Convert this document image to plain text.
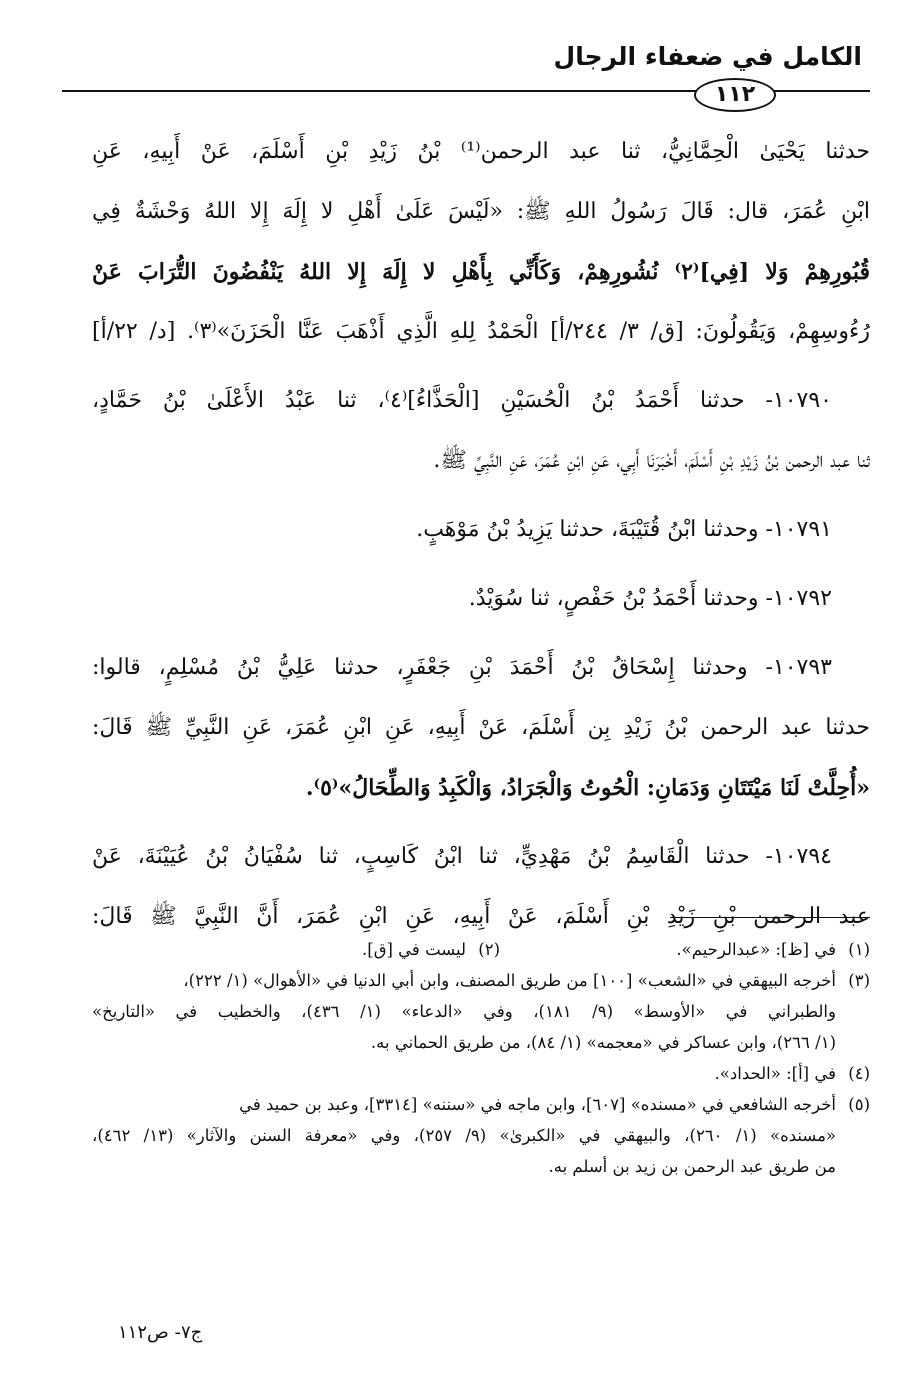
الكامل في ضعفاء الرجال
١١٢
حدثنا يَحْيَىٰ الْحِمَّانِيُّ، ثنا عبد الرحمن⁽¹⁾ بْنُ زَيْدِ بْنِ أَسْلَمَ، عَنْ أَبِيهِ، عَنِ
ابْنِ عُمَرَ، قال: قَالَ رَسُولُ اللهِ ﷺ: «لَيْسَ عَلَىٰ أَهْلِ لا إِلَهَ إِلا اللهُ وَحْشَةٌ فِي
قُبُورِهِمْ وَلا [فِي]⁽٢⁾ نُشُورِهِمْ، وَكَأَنِّي بِأَهْلِ لا إِلَهَ إِلا اللهُ يَنْفُضُونَ التُّرَابَ عَنْ
رُءُوسِهِمْ، وَيَقُولُونَ: [ق/ ٣/ ٢٤٤/أ] الْحَمْدُ لِلهِ الَّذِي أَذْهَبَ عَنَّا الْحَزَنَ»⁽٣⁾. [د/ ٢٢/أ]
١٠٧٩٠- حدثنا أَحْمَدُ بْنُ الْحُسَيْنِ [الْحَذَّاءُ]⁽٤⁾، ثنا عَبْدُ الأَعْلَىٰ بْنُ حَمَّادٍ،
ثنا عبد الرحمن بْنُ زَيْدِ بْنِ أَسْلَمَ، أَخْبَرَنَا أَبِي، عَنِ ابْنِ عُمَرَ، عَنِ النَّبِيِّ ﷺ.
١٠٧٩١- وحدثنا ابْنُ قُتَيْبَةَ، حدثنا يَزِيدُ بْنُ مَوْهَبٍ.
١٠٧٩٢- وحدثنا أَحْمَدُ بْنُ حَفْصٍ، ثنا سُوَيْدٌ.
١٠٧٩٣- وحدثنا إِسْحَاقُ بْنُ أَحْمَدَ بْنِ جَعْفَرٍ، حدثنا عَلِيُّ بْنُ مُسْلِمٍ، قالوا:
حدثنا عبد الرحمن بْنُ زَيْدِ بِن أَسْلَمَ، عَنْ أَبِيهِ، عَنِ ابْنِ عُمَرَ، عَنِ النَّبِيِّ ﷺ قَالَ:
«أُحِلَّتْ لَنَا مَيْتَتَانِ وَدَمَانِ: الْحُوتُ وَالْجَرَادُ، وَالْكَبِدُ وَالطِّحَالُ»⁽٥⁾.
١٠٧٩٤- حدثنا الْقَاسِمُ بْنُ مَهْدِيٍّ، ثنا ابْنُ كَاسِبٍ، ثنا سُفْيَانُ بْنُ عُيَيْنَةَ، عَنْ
عبد الرحمن بْنِ زَيْدِ بْنِ أَسْلَمَ، عَنْ أَبِيهِ، عَنِ ابْنِ عُمَرَ، أَنَّ النَّبِيَّ ﷺ قَالَ:
(١)في [ظ]: «عبدالرحيم».
(٢)ليست في [ق].
(٣)أخرجه البيهقي في «الشعب» [١٠٠] من طريق المصنف، وابن أبي الدنيا في «الأهوال» (١/ ٢٢٢)،
والطبراني في «الأوسط» (٩/ ١٨١)، وفي «الدعاء» (١/ ٤٣٦)، والخطيب في «التاريخ»
(١/ ٢٦٦)، وابن عساكر في «معجمه» (١/ ٨٤)، من طريق الحماني به.
(٤)في [أ]: «الحداد».
(٥)أخرجه الشافعي في «مسنده» [٦٠٧]، وابن ماجه في «سننه» [٣٣١٤]، وعبد بن حميد في
«مسنده» (١/ ٢٦٠)، والبيهقي في «الكبرىٰ» (٩/ ٢٥٧)، وفي «معرفة السنن والآثار» (١٣/ ٤٦٢)،
من طريق عبد الرحمن بن زيد بن أسلم به.
ج٧- ص١١٢
